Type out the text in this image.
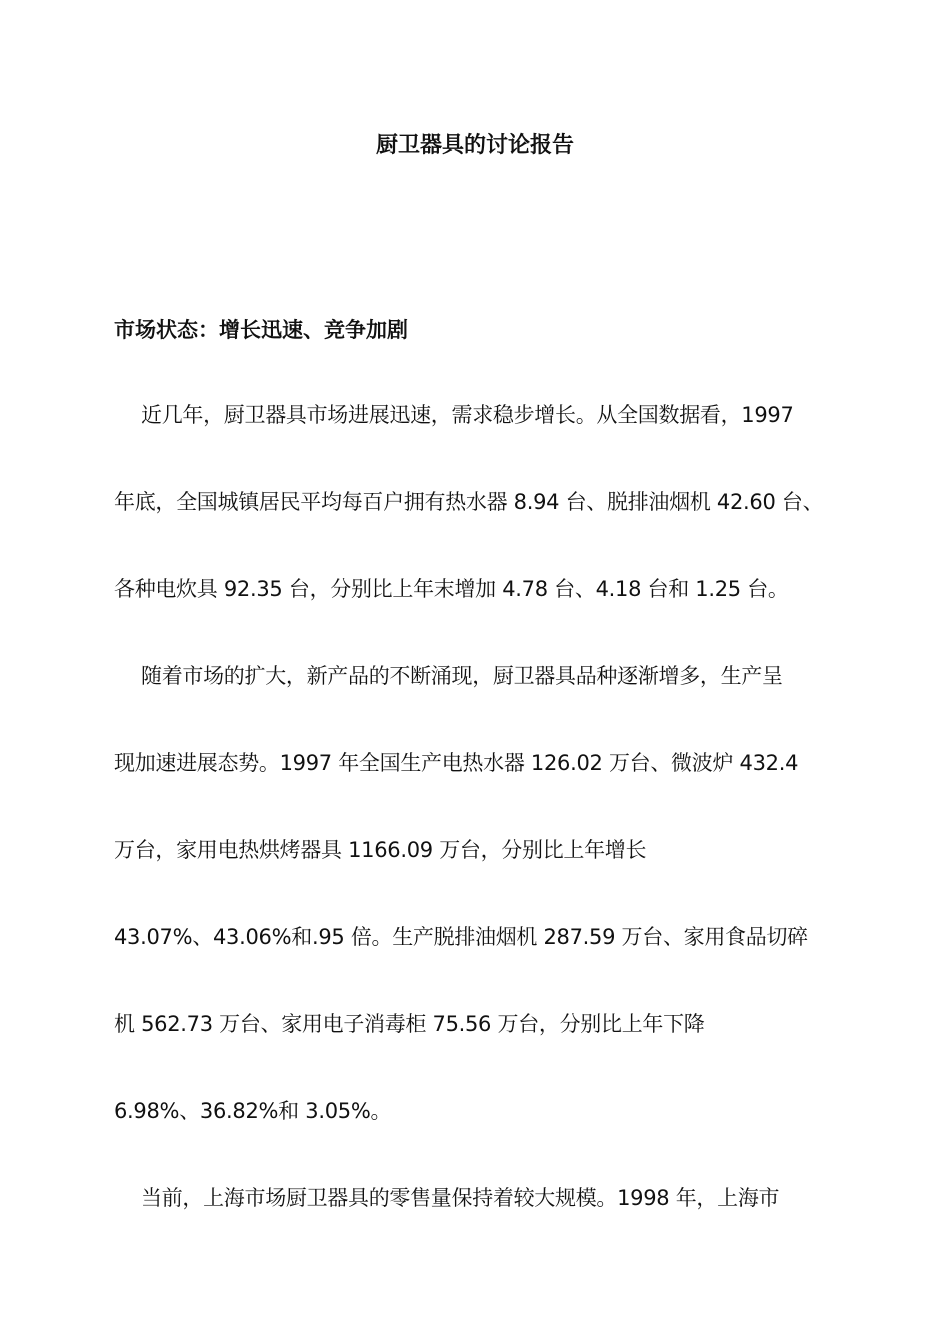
厨卫器具的讨论报告
市场状态：增长迅速、竞争加剧

近几年，厨卫器具市场进展迅速，需求稳步增长。从全国数据看，1997

年底，全国城镇居民平均每百户拥有热水器 8.94 台、脱排油烟机 42.60 台、

各种电炊具 92.35 台，分别比上年末增加 4.78 台、4.18 台和 1.25 台。

随着市场的扩大，新产品的不断涌现，厨卫器具品种逐渐增多，生产呈

现加速进展态势。1997 年全国生产电热水器 126.02 万台、微波炉 432.4

万台，家用电热烘烤器具 1166.09 万台，分别比上年增长

43.07%、43.06%和.95 倍。生产脱排油烟机 287.59 万台、家用食品切碎

机 562.73 万台、家用电子消毒柜 75.56 万台，分别比上年下降

6.98%、36.82%和 3.05%。

当前，上海市场厨卫器具的零售量保持着较大规模。1998 年，上海市
